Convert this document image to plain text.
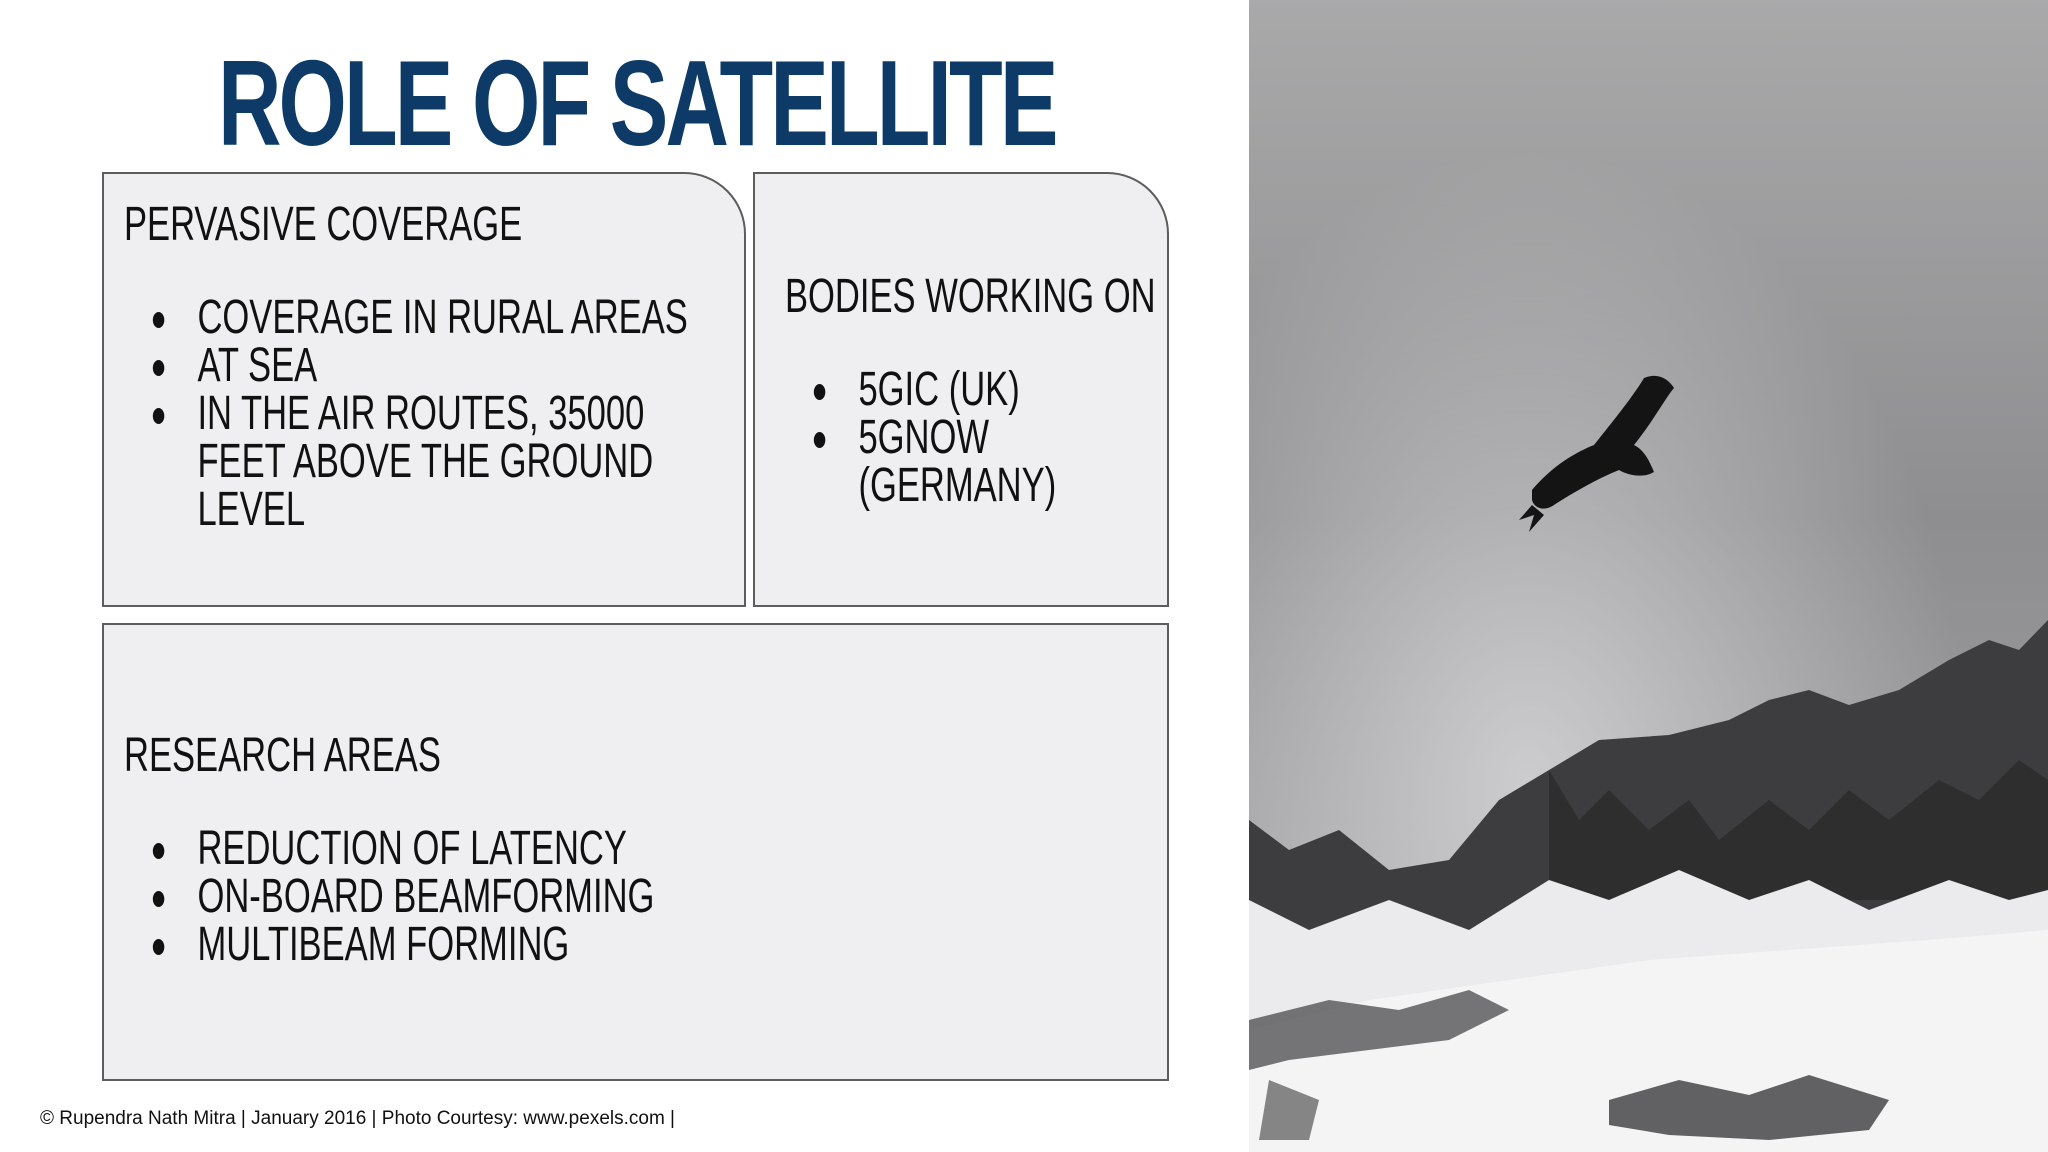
ROLE OF SATELLITE
PERVASIVE COVERAGE
COVERAGE IN RURAL AREAS
AT SEA
IN THE AIR ROUTES, 35000
FEET ABOVE THE GROUND
LEVEL
BODIES WORKING ON
5GIC (UK)
5GNOW
(GERMANY)
RESEARCH AREAS
REDUCTION OF LATENCY
ON-BOARD BEAMFORMING
MULTIBEAM FORMING
© Rupendra Nath Mitra | January 2016 | Photo Courtesy: www.pexels.com |
